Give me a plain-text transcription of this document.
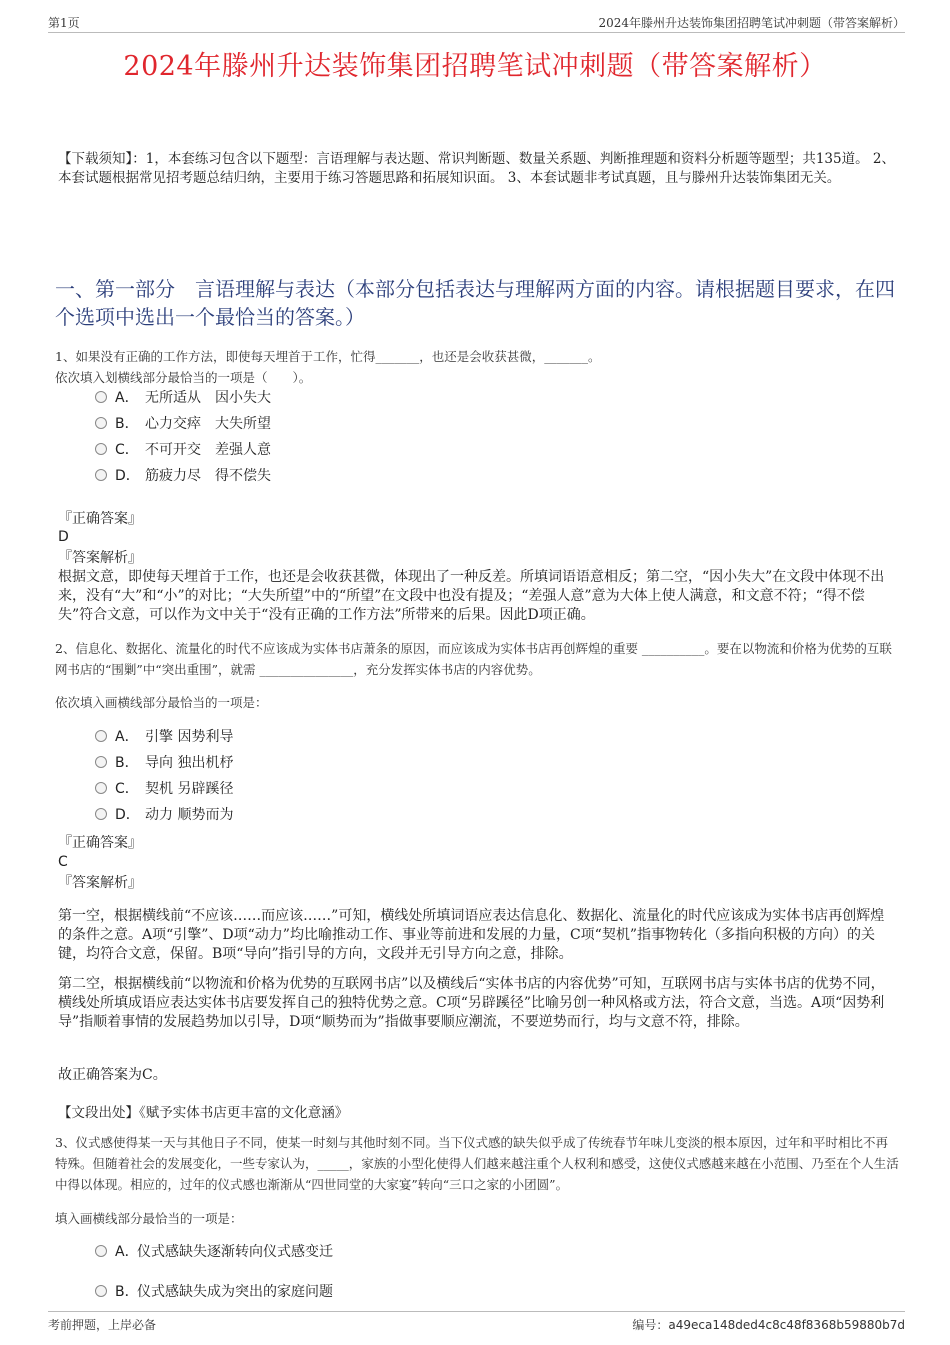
第1页	2024年滕州升达装饰集团招聘笔试冲刺题（带答案解析）
2024年滕州升达装饰集团招聘笔试冲刺题（带答案解析）
【下载须知】：1，本套练习包含以下题型：言语理解与表达题、常识判断题、数量关系题、判断推理题和资料分析题等题型；共135道。 2、本套试题根据常见招考题总结归纳，主要用于练习答题思路和拓展知识面。 3、本套试题非考试真题，且与滕州升达装饰集团无关。
一、第一部分　言语理解与表达（本部分包括表达与理解两方面的内容。请根据题目要求，在四个选项中选出一个最恰当的答案。）
1、如果没有正确的工作方法，即使每天埋首于工作，忙得_______，也还是会收获甚微，_______。
依次填入划横线部分最恰当的一项是（　　）。
A． 无所适从　因小失大
B． 心力交瘁　大失所望
C． 不可开交　差强人意
D． 筋疲力尽　得不偿失
『正确答案』
D
『答案解析』
根据文意，即使每天埋首于工作，也还是会收获甚微，体现出了一种反差。所填词语语意相反；第二空，“因小失大”在文段中体现不出来，没有“大”和“小”的对比；“大失所望”中的“所望”在文段中也没有提及；“差强人意”意为大体上使人满意，和文意不符；“得不偿失”符合文意，可以作为文中关于“没有正确的工作方法”所带来的后果。因此D项正确。
2、信息化、数据化、流量化的时代不应该成为实体书店萧条的原因，而应该成为实体书店再创辉煌的重要 __________。要在以物流和价格为优势的互联网书店的“围剿”中“突出重围”，就需 _______________，充分发挥实体书店的内容优势。
依次填入画横线部分最恰当的一项是：
A． 引擎 因势利导
B． 导向 独出机杼
C． 契机 另辟蹊径
D． 动力 顺势而为
『正确答案』
C
『答案解析』
第一空，根据横线前“不应该……而应该……”可知，横线处所填词语应表达信息化、数据化、流量化的时代应该成为实体书店再创辉煌的条件之意。A项“引擎”、D项“动力”均比喻推动工作、事业等前进和发展的力量，C项“契机”指事物转化（多指向积极的方向）的关键，均符合文意，保留。B项“导向”指引导的方向，文段并无引导方向之意，排除。
第二空，根据横线前“以物流和价格为优势的互联网书店”以及横线后“实体书店的内容优势”可知，互联网书店与实体书店的优势不同，横线处所填成语应表达实体书店要发挥自己的独特优势之意。C项“另辟蹊径”比喻另创一种风格或方法，符合文意，当选。A项“因势利导”指顺着事情的发展趋势加以引导，D项“顺势而为”指做事要顺应潮流，不要逆势而行，均与文意不符，排除。
故正确答案为C。
【文段出处】《赋予实体书店更丰富的文化意涵》
3、仪式感使得某一天与其他日子不同，使某一时刻与其他时刻不同。当下仪式感的缺失似乎成了传统春节年味儿变淡的根本原因，过年和平时相比不再特殊。但随着社会的发展变化，一些专家认为，_____，家族的小型化使得人们越来越注重个人权利和感受，这使仪式感越来越在小范围、乃至在个人生活中得以体现。相应的，过年的仪式感也渐渐从“四世同堂的大家宴”转向“三口之家的小团圆”。
填入画横线部分最恰当的一项是：
A．仪式感缺失逐渐转向仪式感变迁
B．仪式感缺失成为突出的家庭问题
考前押题，上岸必备	编号：a49eca148ded4c8c48f8368b59880b7d
